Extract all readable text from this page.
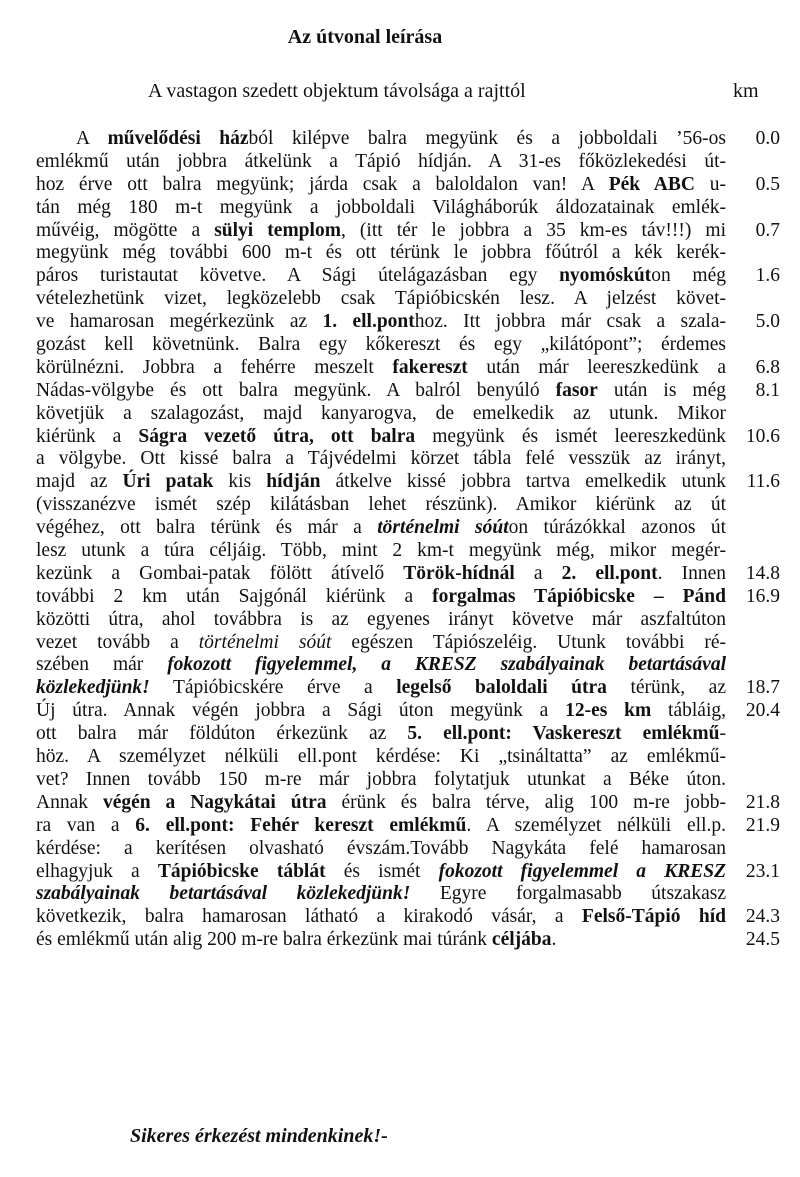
Az útvonal leírása
A vastagon szedett objektum távolsága a rajttól	km
A művelődési házból kilépve balra megyünk és a jobboldali ’56-os	0.0
emlékmű után jobbra átkelünk a Tápió hídján. A 31-es főközlekedési út-
hoz érve ott balra megyünk; járda csak a baloldalon van! A Pék ABC u-	0.5
tán még 180 m-t megyünk a jobboldali Világháborúk áldozatainak emlék-
művéig, mögötte a sülyi templom, (itt tér le jobbra a 35 km-es táv!!!) mi	0.7
megyünk még további 600 m-t és ott térünk le jobbra főútról a kék kerék-
páros turistautat követve. A Sági útelágazásban egy nyomóskúton még	1.6
vételezhetünk vizet, legközelebb csak Tápióbicskén lesz. A jelzést követ-
ve hamarosan megérkezünk az 1. ell.ponthoz. Itt jobbra már csak a szala-	5.0
gozást kell követnünk. Balra egy kőkereszt és egy „kilátópont”; érdemes
körülnézni. Jobbra a fehérre meszelt fakereszt után már leereszkedünk a	6.8
Nádas-völgybe és ott balra megyünk. A balról benyúló fasor után is még	8.1
követjük a szalagozást, majd kanyarogva, de emelkedik az utunk. Mikor
kiérünk a Ságra vezető útra, ott balra megyünk és ismét leereszkedünk	10.6
a völgybe. Ott kissé balra a Tájvédelmi körzet tábla felé vesszük az irányt,
majd az Úri patak kis hídján átkelve kissé jobbra tartva emelkedik utunk	11.6
(visszanézve ismét szép kilátásban lehet részünk). Amikor kiérünk az út
végéhez, ott balra térünk és már a történelmi sóúton túrázókkal azonos út
lesz utunk a túra céljáig. Több, mint 2 km-t megyünk még, mikor megér-
kezünk a Gombai-patak fölött átívelő Török-hídnál a 2. ell.pont. Innen	14.8
további 2 km után Sajgónál kiérünk a forgalmas Tápióbicske – Pánd	16.9
közötti útra, ahol továbbra is az egyenes irányt követve már aszfaltúton
vezet tovább a történelmi sóút egészen Tápiószeléig. Utunk további ré-
szében már fokozott figyelemmel, a KRESZ szabályainak betartásával
közlekedjünk! Tápióbicskére érve a legelső baloldali útra térünk, az	18.7
Új útra. Annak végén jobbra a Sági úton megyünk a 12-es km tábláig,	20.4
ott balra már földúton érkezünk az 5. ell.pont: Vaskereszt emlékmű-
höz. A személyzet nélküli ell.pont kérdése: Ki „tsináltatta” az emlékmű-
vet? Innen tovább 150 m-re már jobbra folytatjuk utunkat a Béke úton.
Annak végén a Nagykátai útra érünk és balra térve, alig 100 m-re jobb-	21.8
ra van a 6. ell.pont: Fehér kereszt emlékmű. A személyzet nélküli ell.p.	21.9
kérdése: a kerítésen olvasható évszám.Tovább Nagykáta felé hamarosan
elhagyjuk a Tápióbicske táblát és ismét fokozott figyelemmel a KRESZ	23.1
szabályainak betartásával közlekedjünk! Egyre forgalmasabb útszakasz
következik, balra hamarosan látható a kirakodó vásár, a Felső-Tápió híd	24.3
és emlékmű után alig 200 m-re balra érkezünk mai túránk céljába.	24.5
Sikeres érkezést mindenkinek!-
